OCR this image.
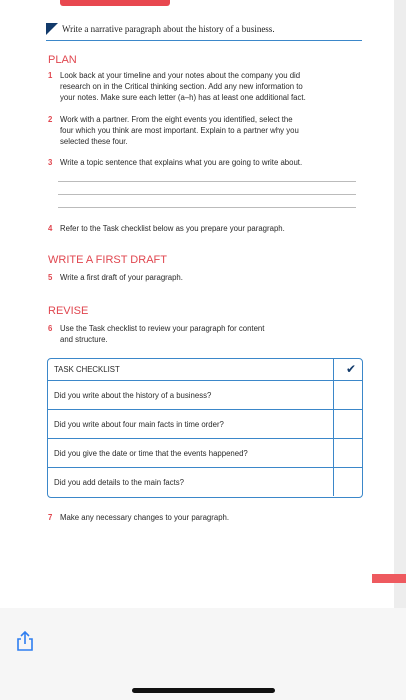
Write a narrative paragraph about the history of a business.
PLAN
1 Look back at your timeline and your notes about the company you did
research on in the Critical thinking section. Add any new information to
your notes. Make sure each letter (a–h) has at least one additional fact.
2 Work with a partner. From the eight events you identified, select the
four which you think are most important. Explain to a partner why you
selected these four.
3 Write a topic sentence that explains what you are going to write about.
4 Refer to the Task checklist below as you prepare your paragraph.
WRITE A FIRST DRAFT
5 Write a first draft of your paragraph.
REVISE
6 Use the Task checklist to review your paragraph for content
and structure.
TASK CHECKLIST	✔
Did you write about the history of a business?
Did you write about four main facts in time order?
Did you give the date or time that the events happened?
Did you add details to the main facts?
7 Make any necessary changes to your paragraph.
